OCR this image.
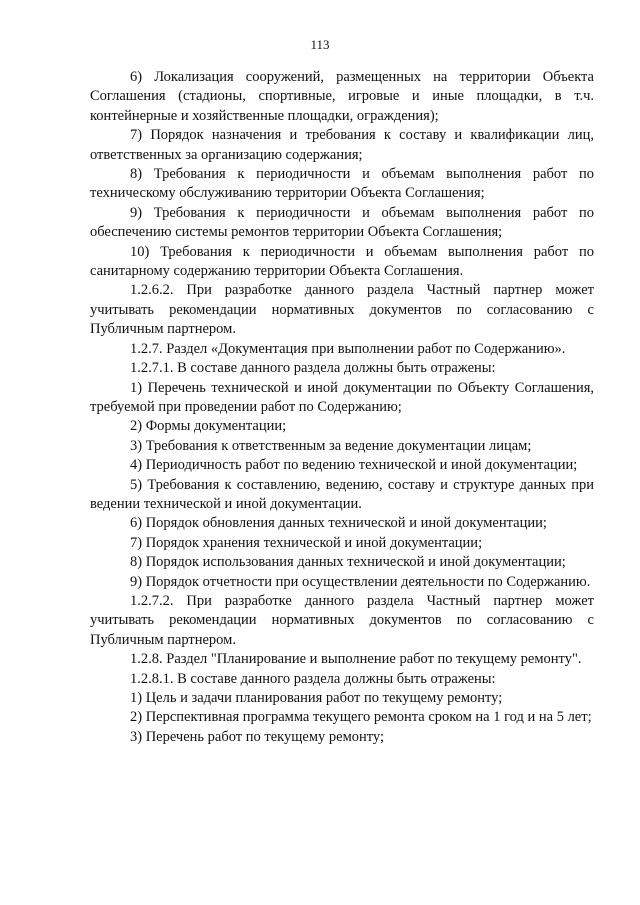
113

6) Локализация сооружений, размещенных на территории Объекта Соглашения (стадионы, спортивные, игровые и иные площадки, в т.ч. контейнерные и хозяйственные площадки, ограждения);

7) Порядок назначения и требования к составу и квалификации лиц, ответственных за организацию содержания;

8) Требования к периодичности и объемам выполнения работ по техническому обслуживанию территории Объекта Соглашения;

9) Требования к периодичности и объемам выполнения работ по обеспечению системы ремонтов территории Объекта Соглашения;

10) Требования к периодичности и объемам выполнения работ по санитарному содержанию территории Объекта Соглашения.

1.2.6.2. При разработке данного раздела Частный партнер может учитывать рекомендации нормативных документов по согласованию с Публичным партнером.

1.2.7. Раздел «Документация при выполнении работ по Содержанию».

1.2.7.1. В составе данного раздела должны быть отражены:

1) Перечень технической и иной документации по Объекту Соглашения, требуемой при проведении работ по Содержанию;

2) Формы документации;

3) Требования к ответственным за ведение документации лицам;

4) Периодичность работ по ведению технической и иной документации;

5) Требования к составлению, ведению, составу и структуре данных при ведении технической и иной документации.

6) Порядок обновления данных технической и иной документации;

7) Порядок хранения технической и иной документации;

8) Порядок использования данных технической и иной документации;

9) Порядок отчетности при осуществлении деятельности по Содержанию.

1.2.7.2. При разработке данного раздела Частный партнер может учитывать рекомендации нормативных документов по согласованию с Публичным партнером.

1.2.8. Раздел "Планирование и выполнение работ по текущему ремонту".

1.2.8.1. В составе данного раздела должны быть отражены:

1) Цель и задачи планирования работ по текущему ремонту;

2) Перспективная программа текущего ремонта сроком на 1 год и на 5 лет;

3) Перечень работ по текущему ремонту;
